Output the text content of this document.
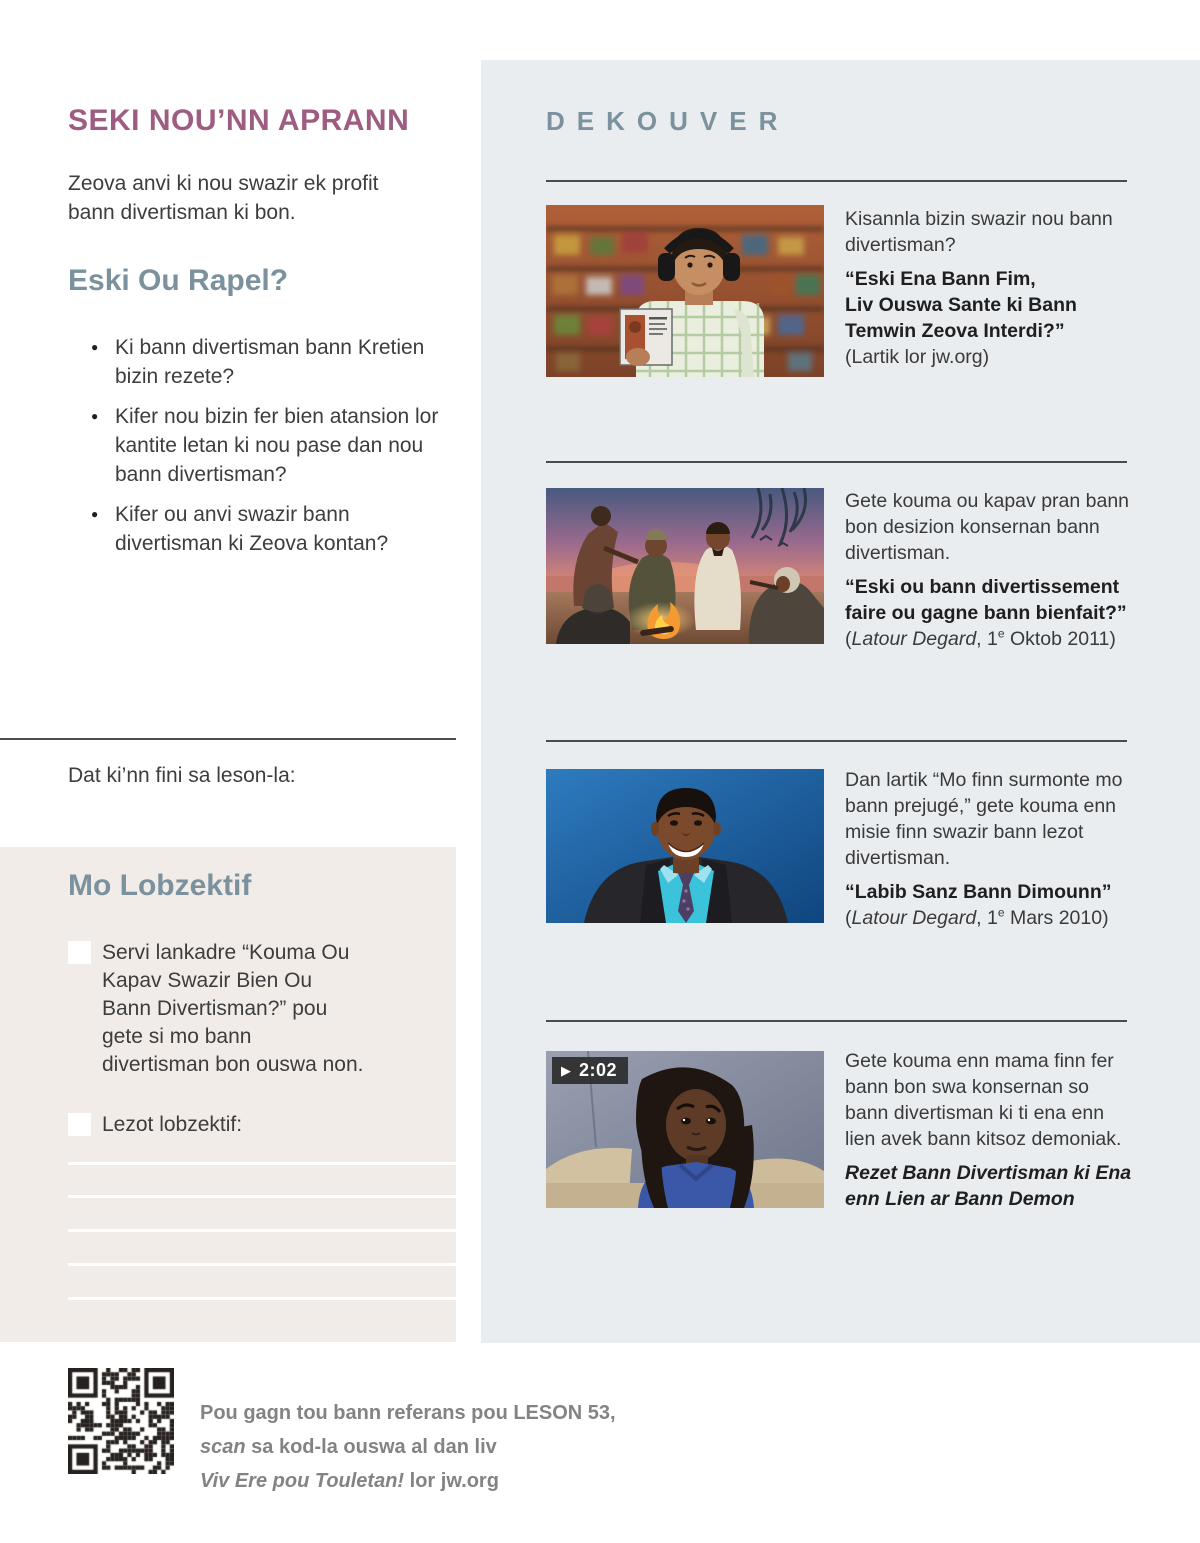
SEKI NOU’NN APRANN

Zeova anvi ki nou swazir ek profit bann divertisman ki bon.

Eski Ou Rapel?
● Ki bann divertisman bann Kretien bizin rezete?
● Kifer nou bizin fer bien atansion lor kantite letan ki nou pase dan nou bann divertisman?
● Kifer ou anvi swazir bann divertisman ki Zeova kontan?

Dat ki’nn fini sa leson-la:

Mo Lobzektif
Servi lankadre “Kouma Ou Kapav Swazir Bien Ou Bann Divertisman?” pou gete si mo bann divertisman bon ouswa non.
Lezot lobzektif:
DEKOUVER
▶ 2:02

Kisannla bizin swazir nou bann divertisman?

“Eski Ena Bann Fim,
Liv Ouswa Sante ki Bann
Temwin Zeova Interdi?”
(Lartik lor jw.org)

Gete kouma ou kapav pran bann bon desizion konsernan bann divertisman.

“Eski ou bann divertissement faire ou gagne bann bienfait?” (Latour Degard, 1e Oktob 2011)

Dan lartik “Mo finn surmonte mo bann prejugé,” gete kouma enn misie finn swazir bann lezot divertisman.

“Labib Sanz Bann Dimounn” (Latour Degard, 1e Mars 2010)

Gete kouma enn mama finn fer bann bon swa konsernan so bann divertisman ki ti ena enn lien avek bann kitsoz demoniak.

Rezet Bann Divertisman ki Ena enn Lien ar Bann Demon

Pou gagn tou bann referans pou LESON 53,
scan sa kod-la ouswa al dan liv
Viv Ere pou Touletan! lor jw.org
